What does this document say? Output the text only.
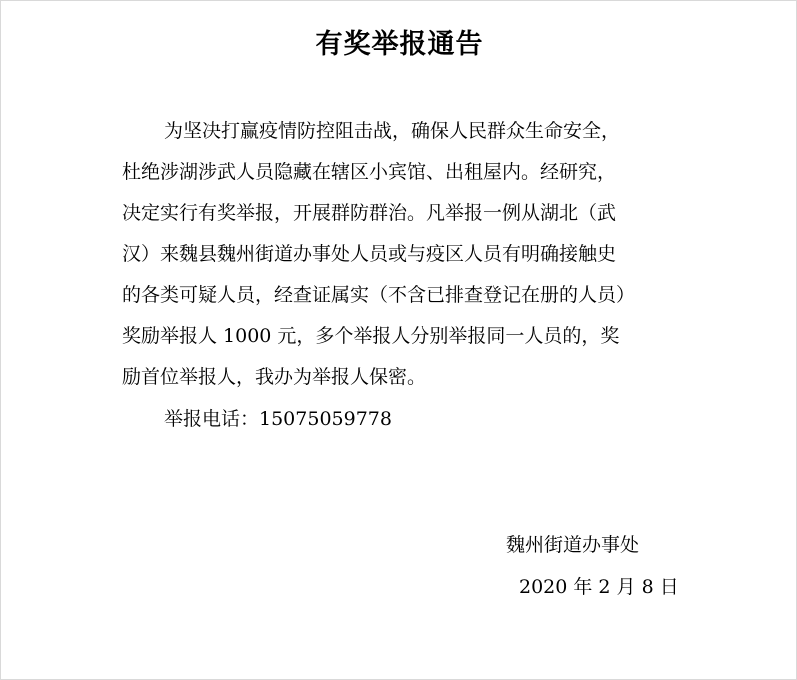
有奖举报通告
为坚决打赢疫情防控阻击战，确保人民群众生命安全，
杜绝涉湖涉武人员隐藏在辖区小宾馆、出租屋内。经研究，
决定实行有奖举报，开展群防群治。凡举报一例从湖北（武
汉）来魏县魏州街道办事处人员或与疫区人员有明确接触史
的各类可疑人员，经查证属实（不含已排查登记在册的人员）
奖励举报人 1000 元，多个举报人分别举报同一人员的，奖
励首位举报人，我办为举报人保密。
举报电话：15075059778
魏州街道办事处
2020 年 2 月 8 日
